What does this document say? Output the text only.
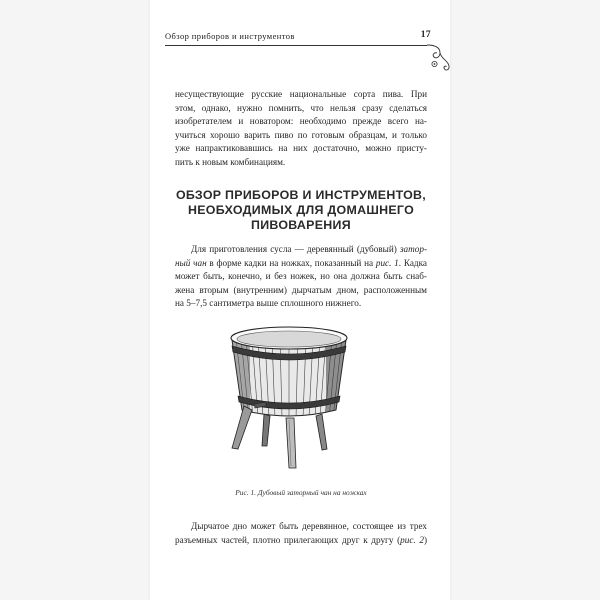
Обзор приборов и инструментов	17
несуществующие русские национальные сорта пива. При
этом, однако, нужно помнить, что нельзя сразу сделаться
изобретателем и новатором: необходимо прежде всего на-
учиться хорошо варить пиво по готовым образцам, и только
уже напрактиковавшись на них достаточно, можно присту-
пить к новым комбинациям.
ОБЗОР ПРИБОРОВ И ИНСТРУМЕНТОВ,
НЕОБХОДИМЫХ ДЛЯ ДОМАШНЕГО
ПИВОВАРЕНИЯ
Для приготовления сусла — деревянный (дубовый) затор-
ный чан в форме кадки на ножках, показанный на рис. 1. Кадка
может быть, конечно, и без ножек, но она должна быть снаб-
жена вторым (внутренним) дырчатым дном, расположенным
на 5–7,5 сантиметра выше сплошного нижнего.
Рис. 1. Дубовый заторный чан на ножках
Дырчатое дно может быть деревянное, состоящее из трех
разъемных частей, плотно прилегающих друг к другу (рис. 2)
